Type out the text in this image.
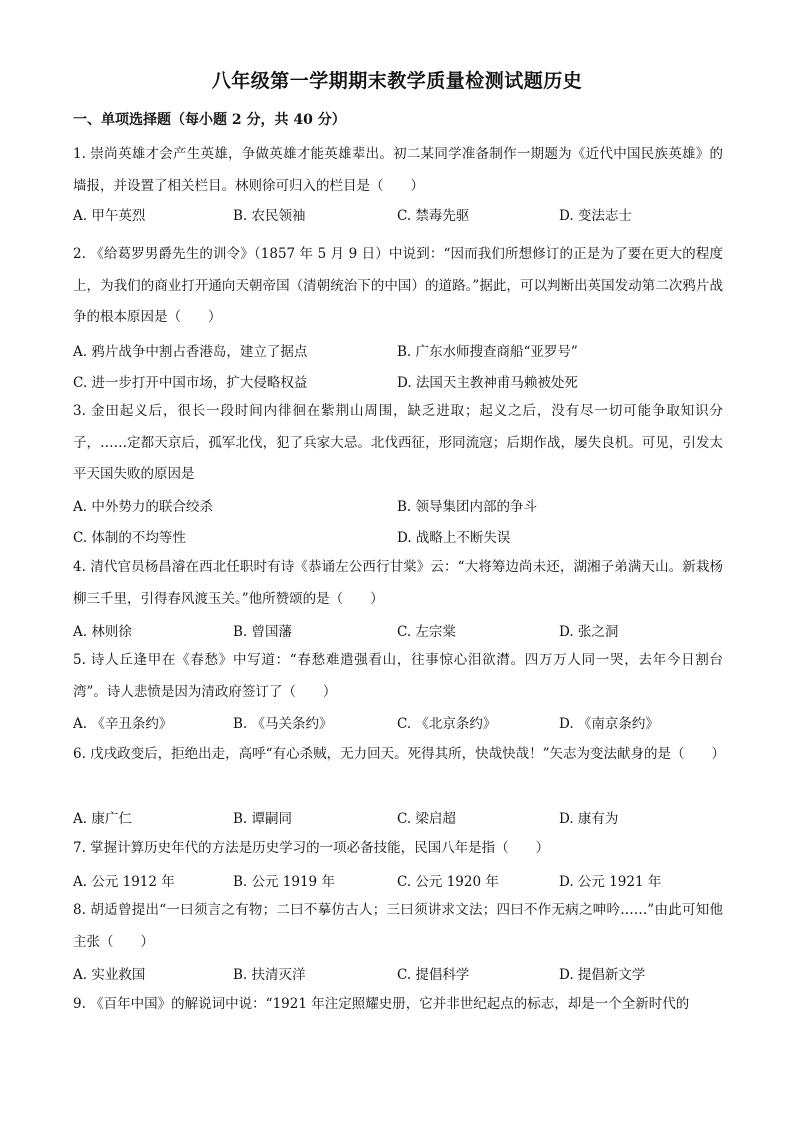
八年级第一学期期末教学质量检测试题历史
一、单项选择题（每小题 2 分，共 40 分）
1. 崇尚英雄才会产生英雄，争做英雄才能英雄辈出。初二某同学准备制作一期题为《近代中国民族英雄》的墙报，并设置了相关栏目。林则徐可归入的栏目是（　　）
A. 甲午英烈	B. 农民领袖	C. 禁毒先驱	D. 变法志士
2. 《给葛罗男爵先生的训令》（1857 年 5 月 9 日）中说到：“因而我们所想修订的正是为了要在更大的程度上，为我们的商业打开通向天朝帝国（清朝统治下的中国）的道路。”据此，可以判断出英国发动第二次鸦片战争的根本原因是（　　）
A. 鸦片战争中割占香港岛，建立了据点	B. 广东水师搜查商船“亚罗号”
C. 进一步打开中国市场，扩大侵略权益	D. 法国天主教神甫马赖被处死
3. 金田起义后，很长一段时间内徘徊在紫荆山周围，缺乏进取；起义之后，没有尽一切可能争取知识分子，……定都天京后，孤军北伐，犯了兵家大忌。北伐西征，形同流寇；后期作战，屡失良机。可见，引发太平天国失败的原因是
A. 中外势力的联合绞杀	B. 领导集团内部的争斗
C. 体制的不均等性	D. 战略上不断失误
4. 清代官员杨昌濬在西北任职时有诗《恭诵左公西行甘棠》云：“大将筹边尚未还，湖湘子弟满天山。新栽杨柳三千里，引得春风渡玉关。”他所赞颂的是（　　）
A. 林则徐	B. 曾国藩	C. 左宗棠	D. 张之洞
5. 诗人丘逢甲在《春愁》中写道：“春愁难遣强看山，往事惊心泪欲潸。四万万人同一哭，去年今日割台湾”。诗人悲愤是因为清政府签订了（　　）
A. 《辛丑条约》	B. 《马关条约》	C. 《北京条约》	D. 《南京条约》
6. 戊戌政变后，拒绝出走，高呼“有心杀贼，无力回天。死得其所，快哉快哉！”矢志为变法献身的是（　　）
A. 康广仁	B. 谭嗣同	C. 梁启超	D. 康有为
7. 掌握计算历史年代的方法是历史学习的一项必备技能，民国八年是指（　　）
A. 公元 1912 年	B. 公元 1919 年	C. 公元 1920 年	D. 公元 1921 年
8. 胡适曾提出“一曰须言之有物；二曰不摹仿古人；三曰须讲求文法；四曰不作无病之呻吟……”由此可知他主张（　　）
A. 实业救国	B. 扶清灭洋	C. 提倡科学	D. 提倡新文学
9. 《百年中国》的解说词中说：“1921 年注定照耀史册，它并非世纪起点的标志，却是一个全新时代的
